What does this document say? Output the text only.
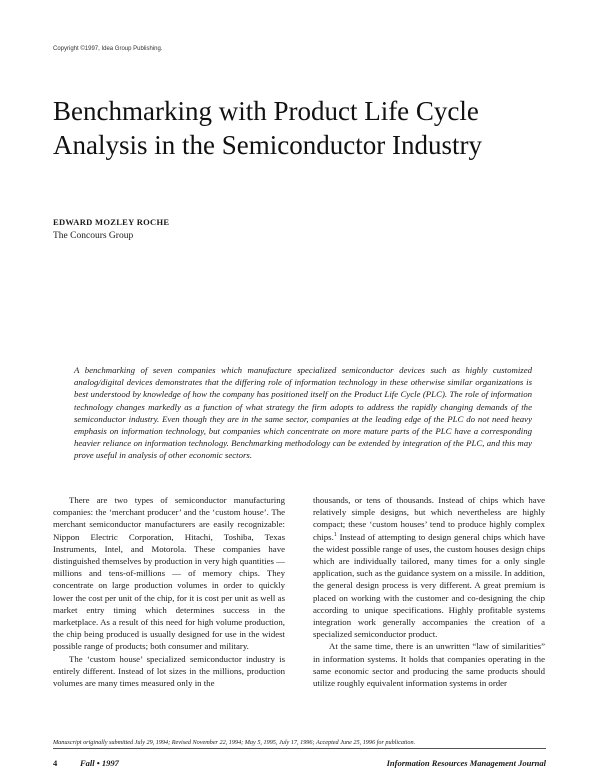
Copyright ©1997, Idea Group Publishing.
Benchmarking with Product Life Cycle Analysis in the Semiconductor Industry
EDWARD MOZLEY ROCHE
The Concours Group

A benchmarking of seven companies which manufacture specialized semiconductor devices such as highly customized analog/digital devices demonstrates that the differing role of information technology in these otherwise similar organizations is best understood by knowledge of how the company has positioned itself on the Product Life Cycle (PLC). The role of information technology changes markedly as a function of what strategy the firm adopts to address the rapidly changing demands of the semiconductor industry. Even though they are in the same sector, companies at the leading edge of the PLC do not need heavy emphasis on information technology, but companies which concentrate on more mature parts of the PLC have a corresponding heavier reliance on information technology. Benchmarking methodology can be extended by integration of the PLC, and this may prove useful in analysis of other economic sectors.

There are two types of semiconductor manufacturing companies: the ‘merchant producer’ and the ‘custom house’. The merchant semiconductor manufacturers are easily recognizable: Nippon Electric Corporation, Hitachi, Toshiba, Texas Instruments, Intel, and Motorola. These companies have distinguished themselves by production in very high quantities — millions and tens-of-millions — of memory chips. They concentrate on large production volumes in order to quickly lower the cost per unit of the chip, for it is cost per unit as well as market entry timing which determines success in the marketplace. As a result of this need for high volume production, the chip being produced is usually designed for use in the widest possible range of products; both consumer and military.

The ‘custom house’ specialized semiconductor industry is entirely different. Instead of lot sizes in the millions, production volumes are many times measured only in the

thousands, or tens of thousands. Instead of chips which have relatively simple designs, but which nevertheless are highly compact; these ‘custom houses’ tend to produce highly complex chips.$^1$ Instead of attempting to design general chips which have the widest possible range of uses, the custom houses design chips which are individually tailored, many times for a only single application, such as the guidance system on a missile. In addition, the general design process is very different. A great premium is placed on working with the customer and co-designing the chip according to unique specifications. Highly profitable systems integration work generally accompanies the creation of a specialized semiconductor product.

At the same time, there is an unwritten “law of similarities” in information systems. It holds that companies operating in the same economic sector and producing the same products should utilize roughly equivalent information systems in order

Manuscript originally submitted July 29, 1994; Revised November 22, 1994; May 5, 1995, July 17, 1996; Accepted June 25, 1996 for publication.
4	Fall • 1997	Information Resources Management Journal
